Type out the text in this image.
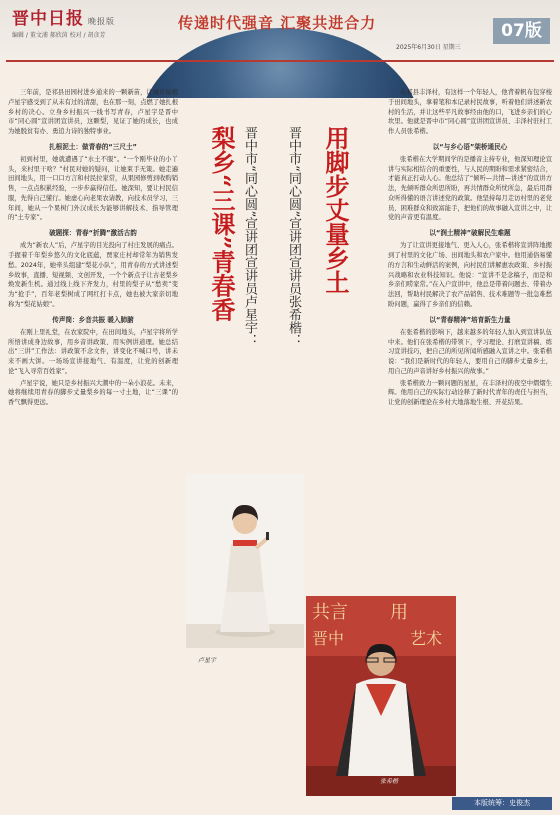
晋中日报 晚报版
编辑 / 董文浦 郝欣茵 校对 / 胡彦芳
传递时代强音 汇聚共进合力
2025年6月30日 星期三
07版

三年前，是祁县田园村进乡通来的一颗新苗，让城市姑娘卢星宇感受到了从未有过的清甜，也在那一刻，点燃了她扎根乡村的决心。立身乡村振兴一线书写青春，卢星宇是晋中市“同心圆”宣讲团宣讲员，这颗梨，见证了她的成长，也成为她脱贫有办、勇追力诗的独特事业。

扎根泥土：做青春的“三尺土”

初到村里，她就遭遇了“水土不服”。“一个刚毕业的小丫头，来村里干啥？”村民对她的疑问，让她束手无策。她走遍田间地头，用一口口方言和村民拉家常，从果园修剪到收购销售，一点点积累经验，一步步赢得信任。她深知，要让村民信服，先得自己懂行。她虚心向老果农请教，向技术员学习，三年间，她从一个果树门外汉成长为能够讲解技术、指导管理的“土专家”。

破题探：青春“折腾”激活古韵

成为“新农人”后，卢星宇的目光投向了村庄发展的痛点。手握着千年梨乡悠久的文化底蕴，贾家庄村却常年为销售发愁。2024年，她牵头组建“梨花小队”，用青春的方式讲述梨乡故事，直播、短视频、文创开发，一个个新点子让古老梨乡焕发新生机。通过线上线下齐发力，村里的梨子从“愁卖”变为“抢手”，百年老梨树成了网红打卡点，她也被大家亲切地称为“梨花姑娘”。

传声筒：乡音共振 暖入肺腑

在刚上里礼堂，在农家院中，在田间地头，卢星宇将所学所悟讲成身边故事，用乡音讲政策、用实例讲道理。她总结出“三讲”工作法：讲政策不念文件，讲变化不喊口号，讲未来不画大饼。一场场宣讲接地气、有温度，让党的创新理论“飞入寻常百姓家”。

卢星宇说，她只是乡村振兴大潮中的一朵小浪花。未来，她将继续用青春的脚步丈量梨乡的每一寸土地，让“三课”的香气飘得更远。

梨乡“三课”青春香 晋中市“同心圆”宣讲团宣讲员卢星宇：	用脚步丈量乡土
晋中市“同心圆”宣讲团宣讲员张希楷：

在祁县丰泽村，有这样一个年轻人，他背着帆布包穿梭于田间地头，拿着笔和本记录村民故事，听着他们讲述新农村的生活，并让这些平凡故事经由他的口，飞进乡亲们的心坎里。他就是晋中市“同心圆”宣讲团宣讲员、丰泽村驻村工作人员张希楷。

以“与乡心语”架桥通民心

张希楷在大学期间学的是播音主持专业，他深知理论宣讲与实际相结合的重要性，与人民的期盼和需求紧密结合，才能真正打动人心。他总结了“倾听—共情—讲述”的宣讲方法，先倾听群众所思所盼，再共情群众所忧所急，最后用群众听得懂的语言讲述党的政策。他坚持每月走访村里的老党员、困难群众和致富能手，把他们的故事融入宣讲之中，让党的声音更有温度。

以“润土精神”破解民生难题

为了让宣讲更接地气、更入人心，张希楷将宣讲阵地搬到了村里的文化广场、田间地头和农户家中。他用通俗易懂的方言和生动鲜活的案例，向村民们讲解惠农政策、乡村振兴战略和农业科技知识。他说：“宣讲不是念稿子，而是和乡亲们唠家常。”在入户宣讲中，他总是带着问题去、带着办法回，帮助村民解决了农产品销售、技术难题等一批急难愁盼问题，赢得了乡亲们的信赖。

以“青春精神”培育新生力量

在张希楷的影响下，越来越多的年轻人加入到宣讲队伍中来。他们在张希楷的带领下，学习理论、打磨宣讲稿、练习宣讲技巧，把自己的所见所闻所感融入宣讲之中。张希楷说：“我们是新时代的年轻人，要用自己的脚步丈量乡土，用自己的声音讲好乡村振兴的故事。”

张希楷致力一颗问题的星星，在丰泽村的夜空中熠熠生辉。他用自己的实际行动诠释了新时代青年的责任与担当，让党的创新理论在乡村大地落地生根、开花结果。

卢星宇
共言 用
晋中	艺术
张希楷
本版统筹：史俊杰
